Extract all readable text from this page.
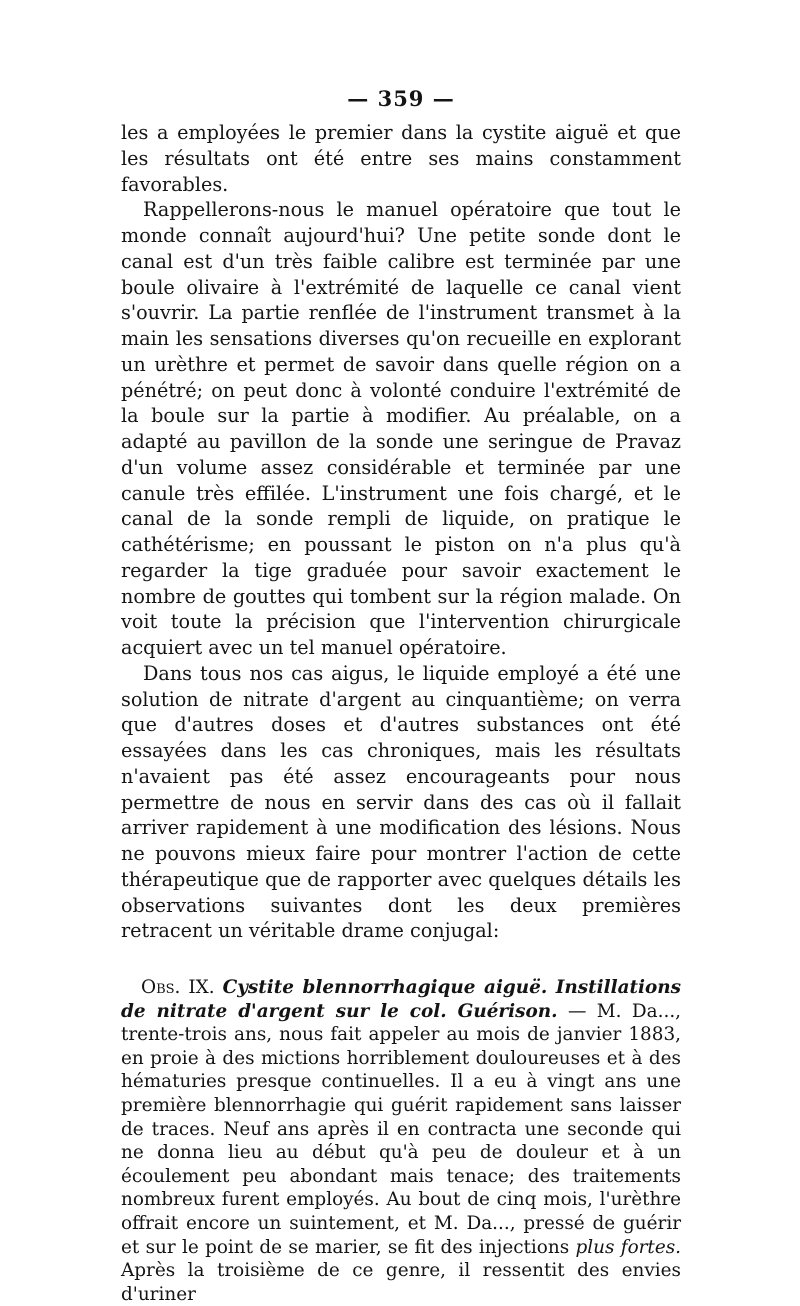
— 359 —

les a employées le premier dans la cystite aiguë et que les résultats ont été entre ses mains constamment favorables.

Rappellerons-nous le manuel opératoire que tout le monde connaît aujourd'hui? Une petite sonde dont le canal est d'un très faible calibre est terminée par une boule olivaire à l'extrémité de laquelle ce canal vient s'ouvrir. La partie renflée de l'instrument transmet à la main les sensations diverses qu'on recueille en explorant un urèthre et permet de savoir dans quelle région on a pénétré; on peut donc à volonté conduire l'extrémité de la boule sur la partie à modifier. Au préalable, on a adapté au pavillon de la sonde une seringue de Pravaz d'un volume assez considérable et terminée par une canule très effilée. L'instrument une fois chargé, et le canal de la sonde rempli de liquide, on pratique le cathétérisme; en poussant le piston on n'a plus qu'à regarder la tige graduée pour savoir exactement le nombre de gouttes qui tombent sur la région malade. On voit toute la précision que l'intervention chirurgicale acquiert avec un tel manuel opératoire.

Dans tous nos cas aigus, le liquide employé a été une solution de nitrate d'argent au cinquantième; on verra que d'autres doses et d'autres substances ont été essayées dans les cas chroniques, mais les résultats n'avaient pas été assez encourageants pour nous permettre de nous en servir dans des cas où il fallait arriver rapidement à une modification des lésions. Nous ne pouvons mieux faire pour montrer l'action de cette thérapeutique que de rapporter avec quelques détails les observations suivantes dont les deux premières retracent un véritable drame conjugal:

Obs. IX. Cystite blennorrhagique aiguë. Instillations de nitrate d'argent sur le col. Guérison. — M. Da..., trente-trois ans, nous fait appeler au mois de janvier 1883, en proie à des mictions horriblement douloureuses et à des hématuries presque continuelles. Il a eu à vingt ans une première blennorrhagie qui guérit rapidement sans laisser de traces. Neuf ans après il en contracta une seconde qui ne donna lieu au début qu'à peu de douleur et à un écoulement peu abondant mais tenace; des traitements nombreux furent employés. Au bout de cinq mois, l'urèthre offrait encore un suintement, et M. Da..., pressé de guérir et sur le point de se marier, se fit des injections plus fortes. Après la troisième de ce genre, il ressentit des envies d'uriner
